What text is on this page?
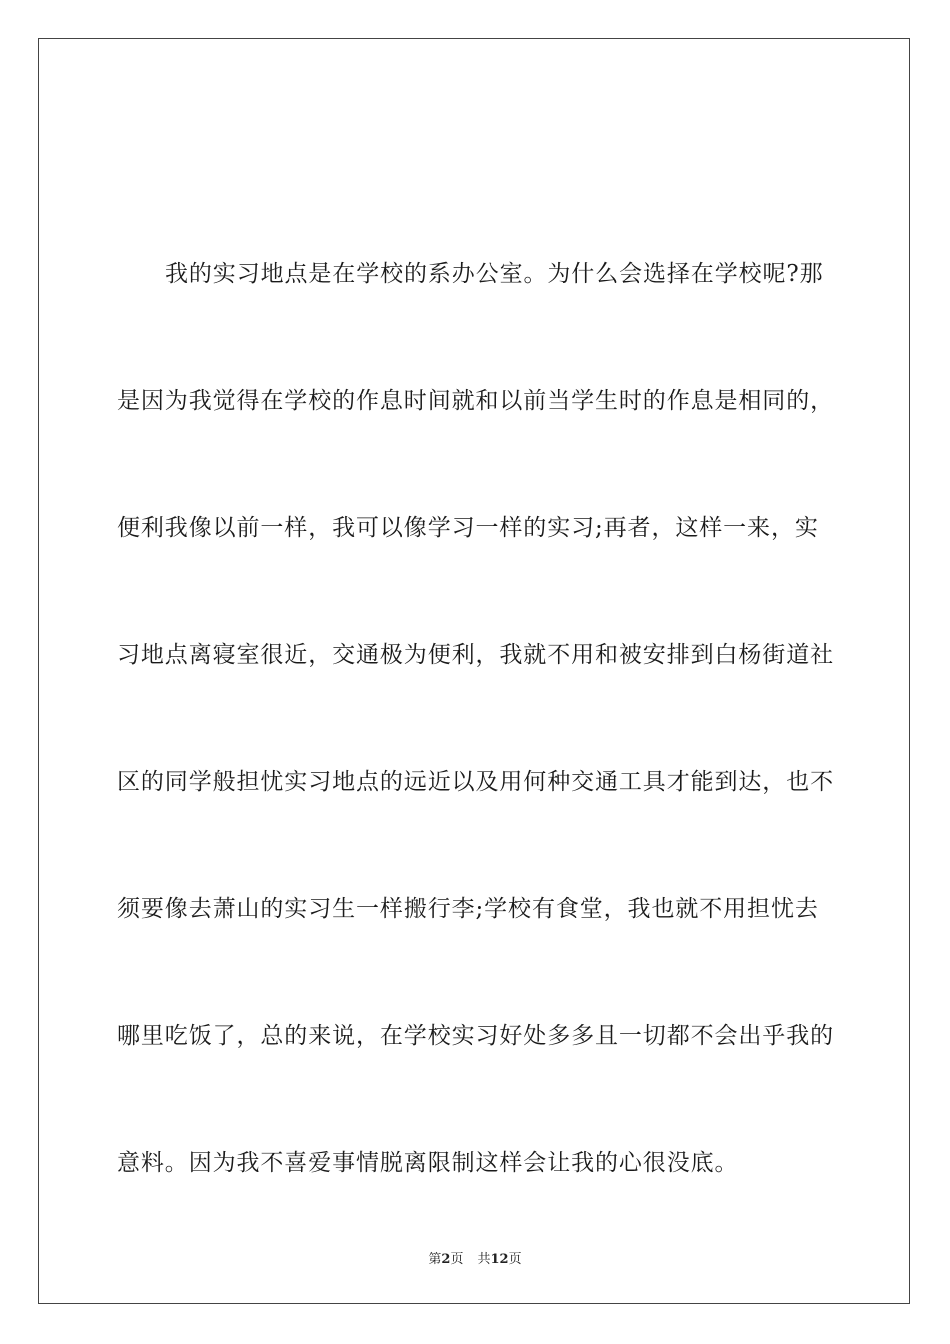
我的实习地点是在学校的系办公室。为什么会选择在学校呢?那
是因为我觉得在学校的作息时间就和以前当学生时的作息是相同的，
便利我像以前一样，我可以像学习一样的实习;再者，这样一来，实
习地点离寝室很近，交通极为便利，我就不用和被安排到白杨街道社
区的同学般担忧实习地点的远近以及用何种交通工具才能到达，也不
须要像去萧山的实习生一样搬行李;学校有食堂，我也就不用担忧去
哪里吃饭了，总的来说，在学校实习好处多多且一切都不会出乎我的
意料。因为我不喜爱事情脱离限制这样会让我的心很没底。
第2页 共12页
